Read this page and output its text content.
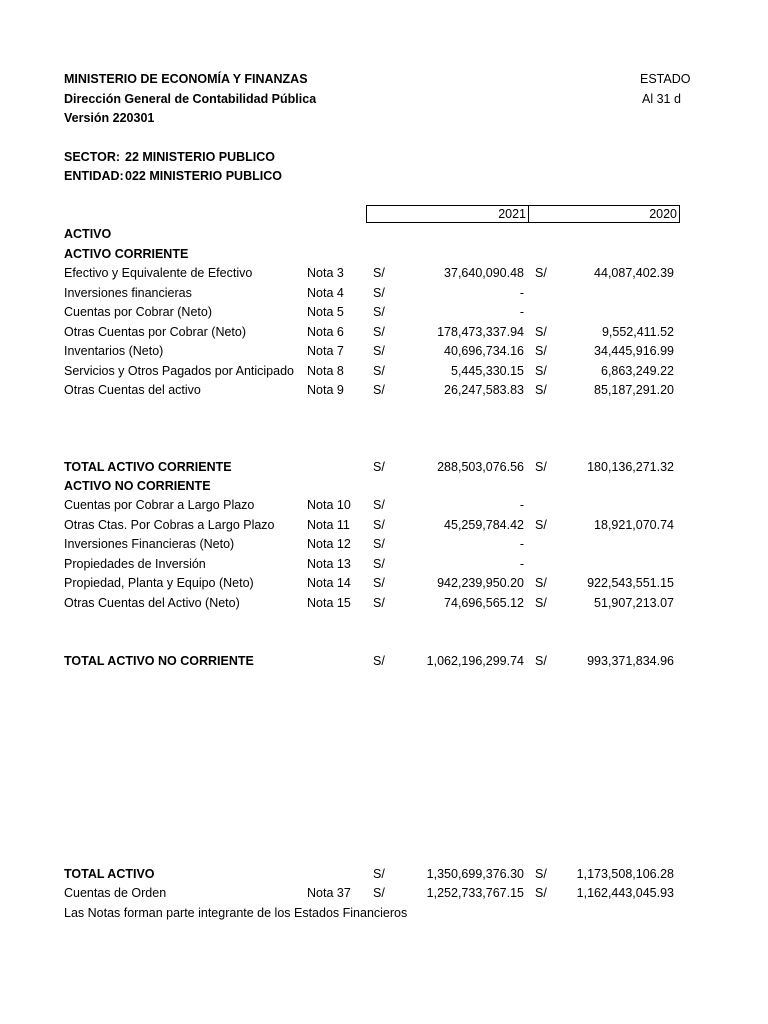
MINISTERIO DE ECONOMÍA Y FINANZAS
Dirección General de Contabilidad Pública
Versión 220301
ESTADO
Al 31 d
SECTOR: 22 MINISTERIO PUBLICO
ENTIDAD: 022 MINISTERIO PUBLICO
2021	2020
ACTIVO
ACTIVO CORRIENTE
Efectivo y Equivalente de Efectivo	Nota 3 S/	37,640,090.48 S/	44,087,402.39
Inversiones financieras	Nota 4 S/	-
Cuentas por Cobrar (Neto)	Nota 5 S/	-
Otras Cuentas por Cobrar (Neto)	Nota 6 S/	178,473,337.94 S/	9,552,411.52
Inventarios (Neto)	Nota 7 S/	40,696,734.16 S/	34,445,916.99
Servicios y Otros Pagados por Anticipado Nota 8 S/	5,445,330.15 S/	6,863,249.22
Otras Cuentas del activo	Nota 9 S/	26,247,583.83 S/	85,187,291.20
TOTAL ACTIVO CORRIENTE	S/	288,503,076.56 S/	180,136,271.32
ACTIVO NO CORRIENTE
Cuentas por Cobrar a Largo Plazo	Nota 10 S/	-
Otras Ctas. Por Cobras a Largo Plazo	Nota 11 S/	45,259,784.42 S/	18,921,070.74
Inversiones Financieras (Neto)	Nota 12 S/	-
Propiedades de Inversión	Nota 13 S/	-
Propiedad, Planta y Equipo (Neto)	Nota 14 S/	942,239,950.20 S/	922,543,551.15
Otras Cuentas del Activo (Neto)	Nota 15 S/	74,696,565.12 S/	51,907,213.07
TOTAL ACTIVO NO CORRIENTE	S/	1,062,196,299.74 S/	993,371,834.96
TOTAL ACTIVO	S/	1,350,699,376.30 S/	1,173,508,106.28
Cuentas de Orden	Nota 37 S/	1,252,733,767.15 S/	1,162,443,045.93
Las Notas forman parte integrante de los Estados Financieros
